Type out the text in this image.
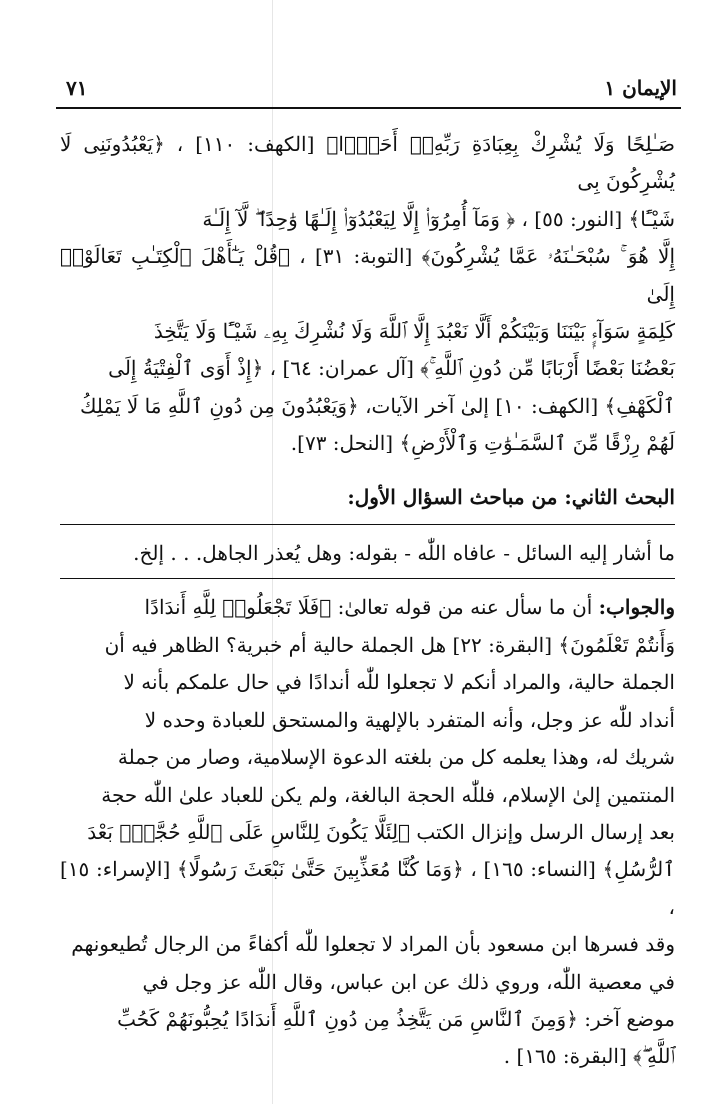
الإيمان ١
٧١

صَـٰلِحًا وَلَا يُشْرِكْ بِعِبَادَةِ رَبِّهِۦٓ أَحَدَۢا﴾ [الكهف: ١١٠] ، ﴿يَعْبُدُونَنِى لَا يُشْرِكُونَ بِى

شَيْـًٔا﴾ [النور: ٥٥] ، ﴿ وَمَآ أُمِرُوٓا۟ إِلَّا لِيَعْبُدُوٓا۟ إِلَـٰهًا وَٰحِدًا ۖ لَّآ إِلَـٰهَ

إِلَّا هُوَ ۚ سُبْحَـٰنَهُۥ عَمَّا يُشْرِكُونَ﴾ [التوبة: ٣١] ، ﴿قُلْ يَـٰٓأَهْلَ ٱلْكِتَـٰبِ تَعَالَوْا۟ إِلَىٰ

كَلِمَةٍ سَوَآءٍۭ بَيْنَنَا وَبَيْنَكُمْ أَلَّا نَعْبُدَ إِلَّا ٱللَّهَ وَلَا نُشْرِكَ بِهِۦ شَيْـًٔا وَلَا يَتَّخِذَ

بَعْضُنَا بَعْضًا أَرْبَابًا مِّن دُونِ ٱللَّهِ ۚ﴾ [آل عمران: ٦٤] ، ﴿إِذْ أَوَى ٱلْفِتْيَةُ إِلَى

ٱلْكَهْفِ﴾ [الكهف: ١٠] إلىٰ آخر الآيات، ﴿وَيَعْبُدُونَ مِن دُونِ ٱللَّهِ مَا لَا يَمْلِكُ

لَهُمْ رِزْقًا مِّنَ ٱلسَّمَـٰوَٰتِ وَٱلْأَرْضِ﴾ [النحل: ٧٣].

البحث الثاني: من مباحث السؤال الأول:

ما أشار إليه السائل - عافاه اللّٰه - بقوله: وهل يُعذر الجاهل. . . إلخ.

والجواب: أن ما سأل عنه من قوله تعالىٰ: ﴿فَلَا تَجْعَلُوا۟ لِلَّهِ أَندَادًا

وَأَنتُمْ تَعْلَمُونَ﴾ [البقرة: ٢٢] هل الجملة حالية أم خبرية؟ الظاهر فيه أن

الجملة حالية، والمراد أنكم لا تجعلوا للّٰه أندادًا في حال علمكم بأنه لا

أنداد للّٰه عز وجل، وأنه المتفرد بالإلهية والمستحق للعبادة وحده لا

شريك له، وهذا يعلمه كل من بلغته الدعوة الإسلامية، وصار من جملة

المنتمين إلىٰ الإسلام، فللّٰه الحجة البالغة، ولم يكن للعباد علىٰ اللّٰه حجة

بعد إرسال الرسل وإنزال الكتب ﴿لِئَلَّا يَكُونَ لِلنَّاسِ عَلَى ٱللَّهِ حُجَّةٌۢ بَعْدَ

ٱلرُّسُلِ﴾ [النساء: ١٦٥] ، ﴿وَمَا كُنَّا مُعَذِّبِينَ حَتَّىٰ نَبْعَثَ رَسُولًا﴾ [الإسراء: ١٥] ،

وقد فسرها ابن مسعود بأن المراد لا تجعلوا للّٰه أكفاءً من الرجال تُطيعونهم

في معصية اللّٰه، وروي ذلك عن ابن عباس، وقال اللّٰه عز وجل في

موضع آخر: ﴿وَمِنَ ٱلنَّاسِ مَن يَتَّخِذُ مِن دُونِ ٱللَّهِ أَندَادًا يُحِبُّونَهُمْ كَحُبِّ

ٱللَّهِ ۖ﴾ [البقرة: ١٦٥] .
